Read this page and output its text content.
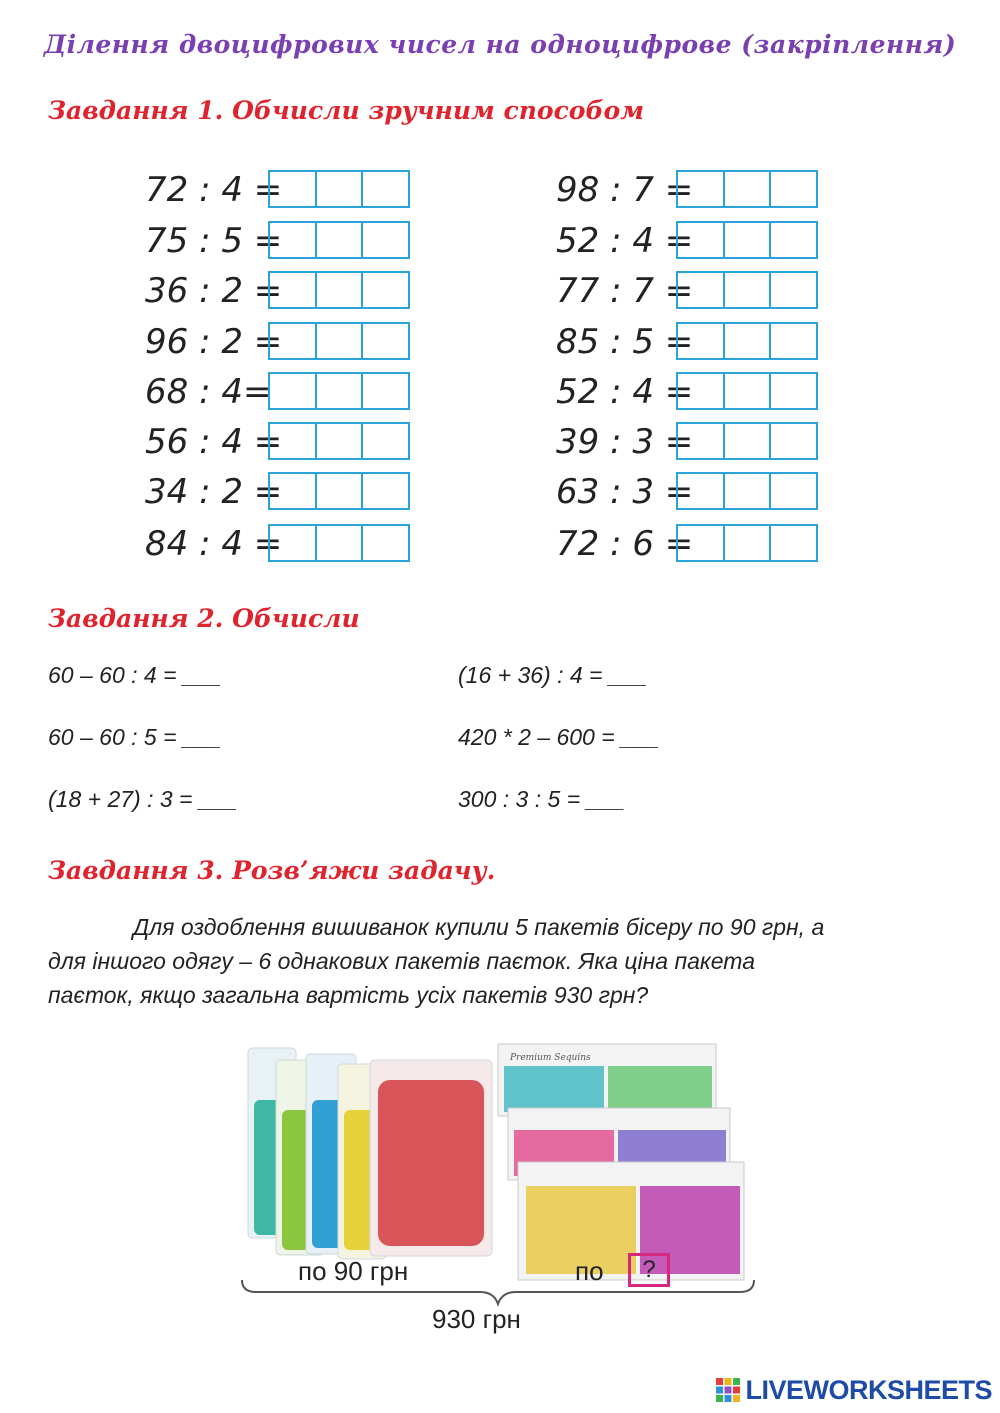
Ділення двоцифрових чисел на одноцифрове (закріплення)
Завдання 1. Обчисли зручним способом
72 : 4 =
75 : 5 =
36 : 2 =
96 : 2 =
68 : 4=
56 : 4 =
34 : 2 =
84 : 4 =
98 : 7 =
52 : 4 =
77 : 7 =
85 : 5 =
52 : 4 =
39 : 3 =
63 : 3 =
72 : 6 =
Завдання 2. Обчисли
60 – 60 : 4 = ___
60 – 60 : 5 = ___
(18 + 27) : 3 = ___
(16 + 36) : 4 = ___
420 * 2 – 600 = ___
300 : 3 : 5 = ___
Завдання 3. Розв’яжи задачу.
Для оздоблення вишиванок купили 5 пакетів бісеру по 90 грн, а
для іншого одягу – 6 однакових пакетів паєток. Яка ціна пакета
паєток, якщо загальна вартість усіх пакетів 930 грн?
Premium Sequins
по 90 грн	по	?
930 грн
LIVEWORKSHEETS
